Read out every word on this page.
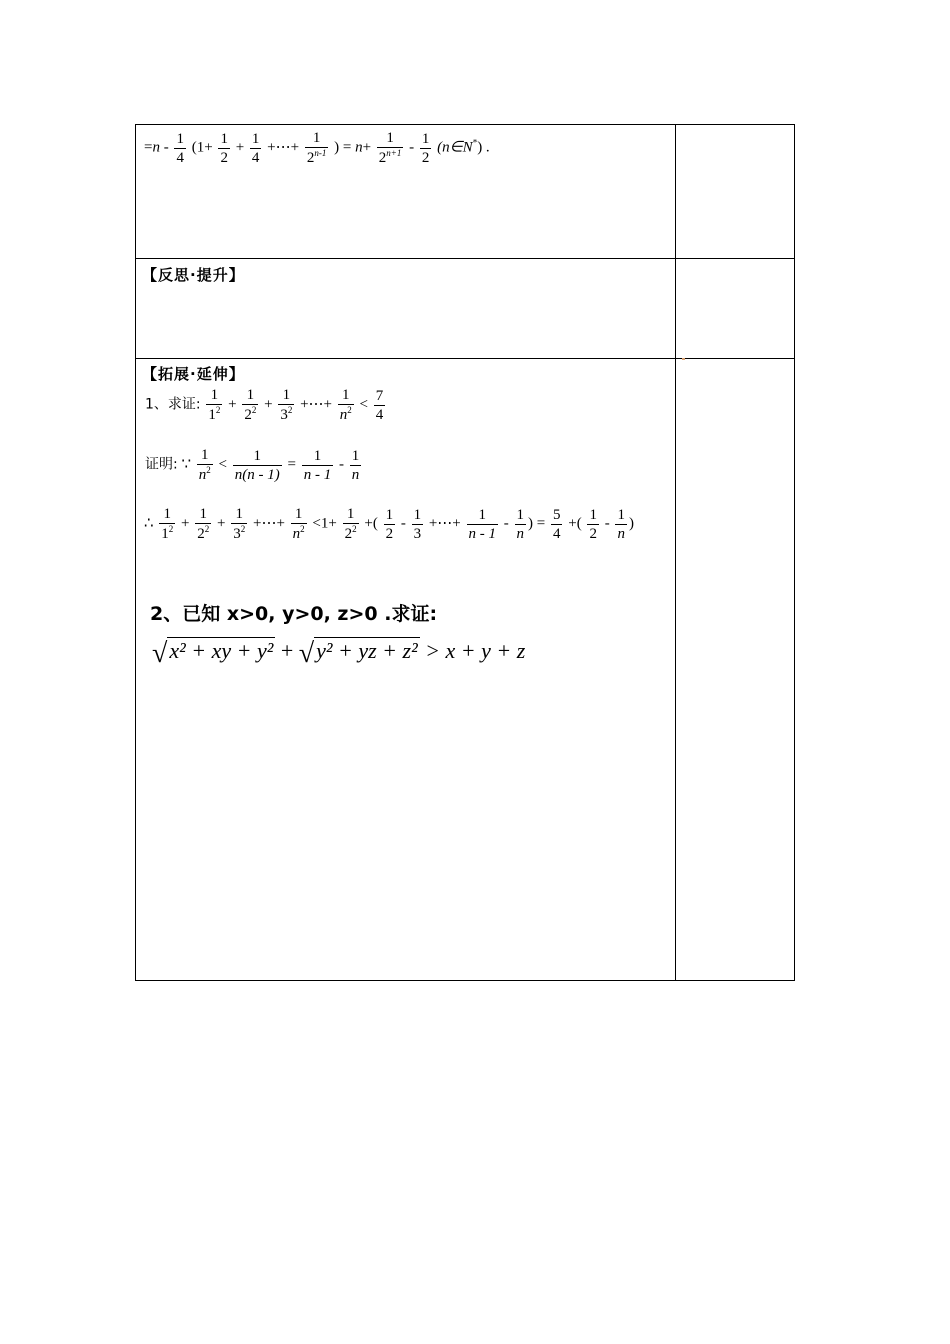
$=n - \frac{1}{4} (1+ \frac{1}{2} + \frac{1}{4}$ +⋯+ $\frac{1}{2^{n-1}}$ ) = $n+ \frac{1}{2^{n+1}} - \frac{1}{2}$ (n∈N*) .
【反思·提升】
【拓展·延伸】
1、求证: $\frac{1}{1^2} + \frac{1}{2^2} + \frac{1}{3^2}$ +⋯+ $\frac{1}{n^2} < \frac{7}{4}$
证明: ∵ $\frac{1}{n^2} < \frac{1}{n(n - 1)} = \frac{1}{n - 1} - \frac{1}{n}$
∴ $\frac{1}{1^2} + \frac{1}{2^2} + \frac{1}{3^2}$ +⋯+ $\frac{1}{n^2} <1+ \frac{1}{2^2}$ +( $\frac{1}{2} - \frac{1}{3}$ +⋯+ $\frac{1}{n - 1} - \frac{1}{n}$ ) = $\frac{5}{4}$ +( $\frac{1}{2} - \frac{1}{n}$ )
2、已知 x>0, y>0, z>0 .求证:
√x² + xy + y² + √y² + yz + z² > x + y + z
